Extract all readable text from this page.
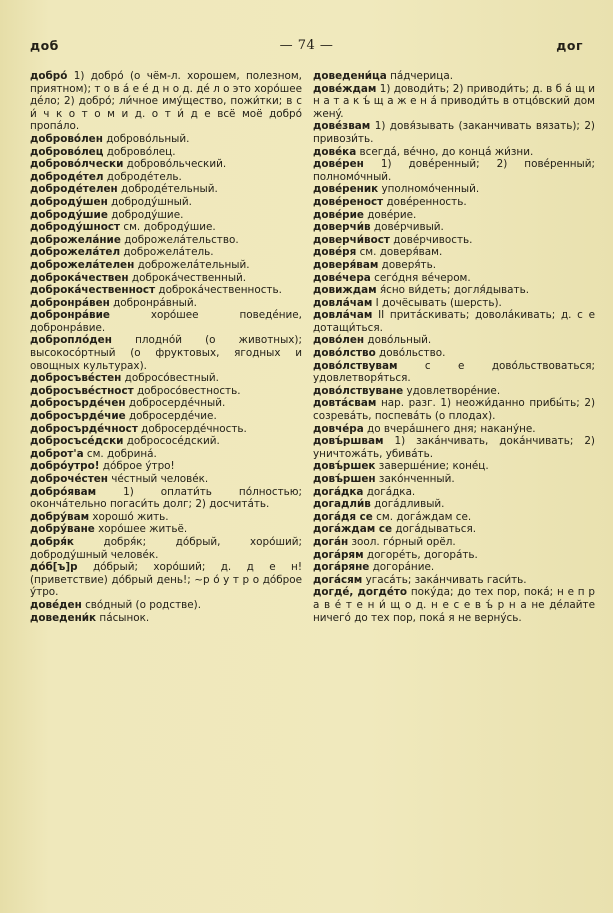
доб	— 74 —	дог

добро́ 1) добро́ (о чём-л. хорошем, полезном, приятном); т о в á е é д н о д. дé л о это хоро́шее дéло; 2) добро́; ли́чное иму́щество, пожи́тки; в с и́ ч к о т о м и д. о т и́ д е всё моё добро́ пропáло.

доброво́лен доброво́льный.

доброво́лец доброво́лец.

доброво́лчески доброво́льческий.

добродéтел добродéтель.

добродéтелен добродéтельный.

доброду́шен доброду́шный.

доброду́шие доброду́шие.

доброду́шност см. доброду́шие.

доброжелáние доброжелáтельство.

доброжелáтел доброжелáтель.

доброжелáтелен доброжелáтельный.

доброкáчествен доброкáчественный.

доброкáчественност доброкáчественность.

добронрáвен добронрáвный.

добронрáвие хоро́шее поведéние, добронрáвие.

доброплóден плоднóй (о животных); высокосóртный (о фруктовых, ягодных и овощных культурах).

добросъвéстен добросо́вестный.

добросъвéстност добросо́вестность.

добросърдéчен добросердéчный.

добросърдéчие добросердéчие.

добросърдéчност добросердéчность.

добросъсéдски добрососéдский.

доброт'а см. добринá.

добро́утро! до́брое у́тро!

доброчéстен чéстный человéк.

добро́явам 1) оплати́ть по́лностью; окончáтельно погаси́ть долг; 2) досчитáть.

добру́вам хорошо́ жить.

добру́ване хоро́шее житьё.

добря́к добря́к; до́брый, хоро́ший; доброду́шный человéк.

до́б[ъ]р до́брый; хоро́ший; д. д е н! (приветствие) до́брый день!; ~р о́ у т р о до́брое у́тро.

довéден сво́дный (о родстве).

доведени́к пáсынок.

доведени́ца пáдчерица.

довéждам 1) доводи́ть; 2) приводи́ть; д. в б á щ и н а т а к ъ́ щ а ж е н á приводи́ть в отцо́вский дом женý.

довéзвам 1) довя́зывать (заканчивать вязать); 2) привози́ть.

довéка всегдá, вéчно, до концá жи́зни.

довéрен 1) довéренный; 2) повéренный; полномо́чный.

довéреник уполномо́ченный.

довéреност довéренность.

довéрие довéрие.

доверчи́в довéрчивый.

доверчи́вост довéрчивость.

довéря см. доверя́вам.

доверя́вам доверя́ть.

довéчера сего́дня вéчером.

довиждам я́сно ви́деть; догля́дывать.

довлáчам I дочёсывать (шерсть).

довлáчам II притáскивать; доволáкивать; д. с е дотащи́ться.

дово́лен дово́льный.

дово́лство дово́льство.

дово́лствувам с е дово́льствоваться; удовлетворя́ться.

дово́лствуване удовлетворéние.

довтáсвам нар. разг. 1) неожи́данно прибы́ть; 2) созревáть, поспевáть (о плодах).

довчéра до вчерáшнего дня; накану́не.

довъ́ршвам 1) закáнчивать, докáнчивать; 2) уничтожáть, убивáть.

довъ́ршек завершéние; конéц.

довъ́ршен закóнченный.

догáдка догáдка.

догадли́в догáдливый.

догáдя се см. догáждам се.

догáждам се догáдываться.

догáн зоол. го́рный орёл.

догáрям догорéть, догорáть.

догáряне догорáние.

догáсям угасáть; закáнчивать гаси́ть.

догдé, догдéто покýда; до тех пор, покá; н е п р а в é т е н и́ щ о д. н е с е в ъ́ р н а не дéлайте ничегó до тех пор, покá я не вернýсь.
